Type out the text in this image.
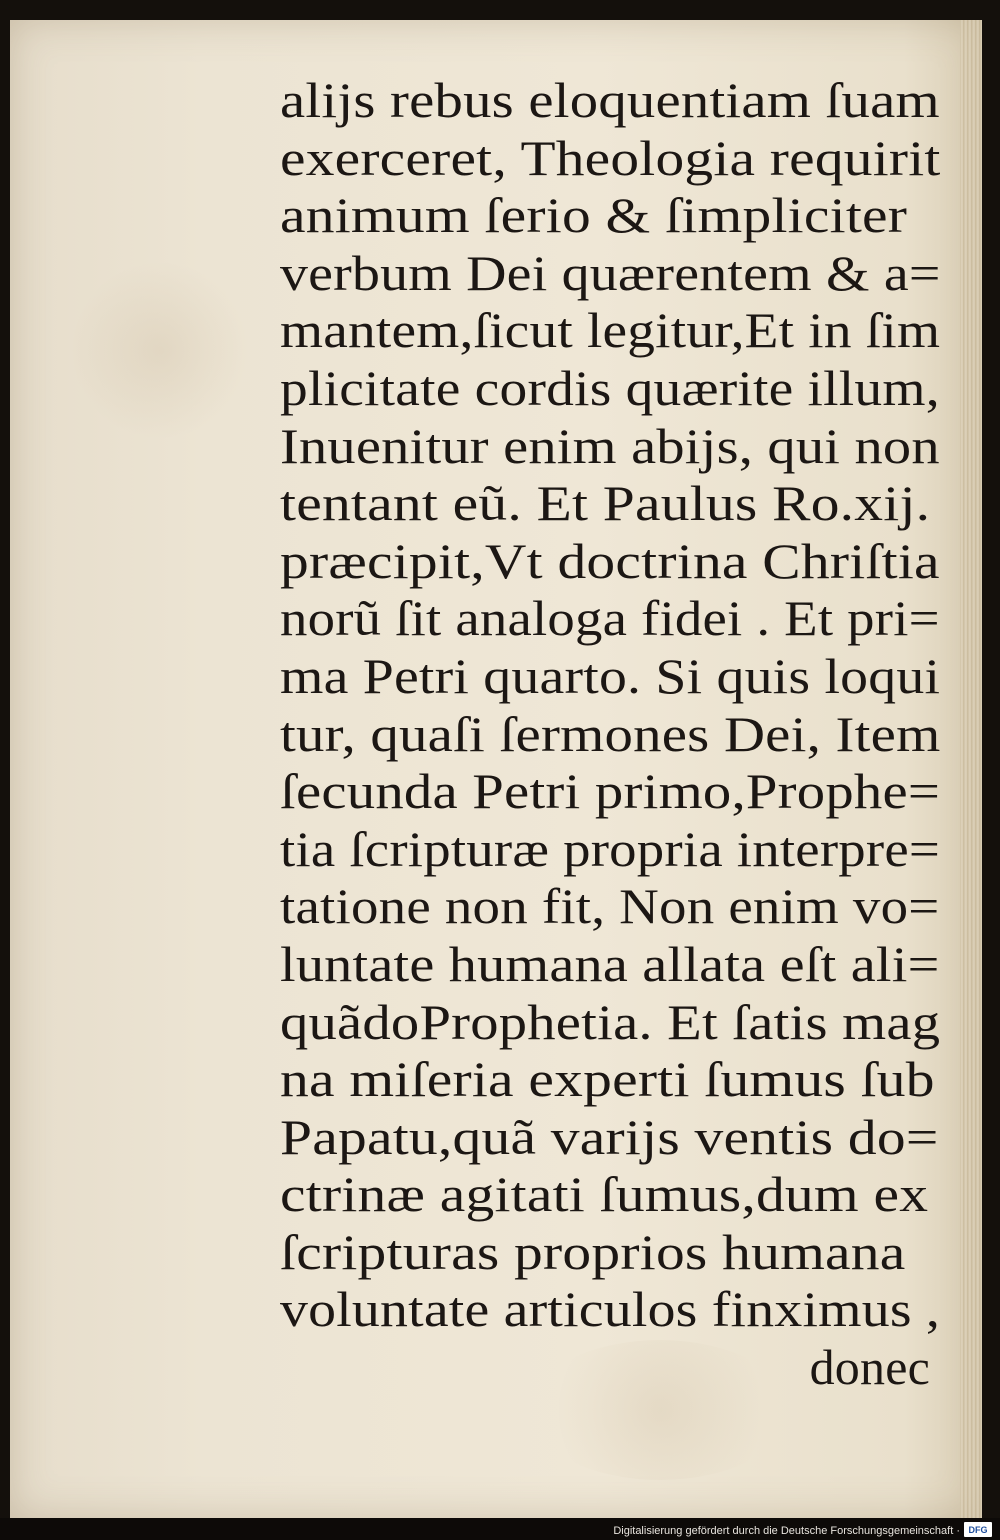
alijs rebus eloquentiam ſuam
exerceret, Theologia requirit
animum ſerio & ſimpliciter
verbum Dei quærentem & a=
mantem,ſicut legitur,Et in ſim
plicitate cordis quærite illum,
Inuenitur enim abijs, qui non
tentant eũ. Et Paulus Ro.xij.
præcipit,Vt doctrina Chriſtia
norũ ſit analoga fidei . Et pri=
ma Petri quarto. Si quis loqui
tur, quaſi ſermones Dei, Item
ſecunda Petri primo,Prophe=
tia ſcripturæ propria interpre=
tatione non fit, Non enim vo=
luntate humana allata eſt ali=
quãdoProphetia. Et ſatis mag
na miſeria experti ſumus ſub
Papatu,quã varijs ventis do=
ctrinæ agitati ſumus,dum ex
ſcripturas proprios humana
voluntate articulos finximus ,
donec
Digitalisierung gefördert durch die Deutsche Forschungsgemeinschaft · DFG
